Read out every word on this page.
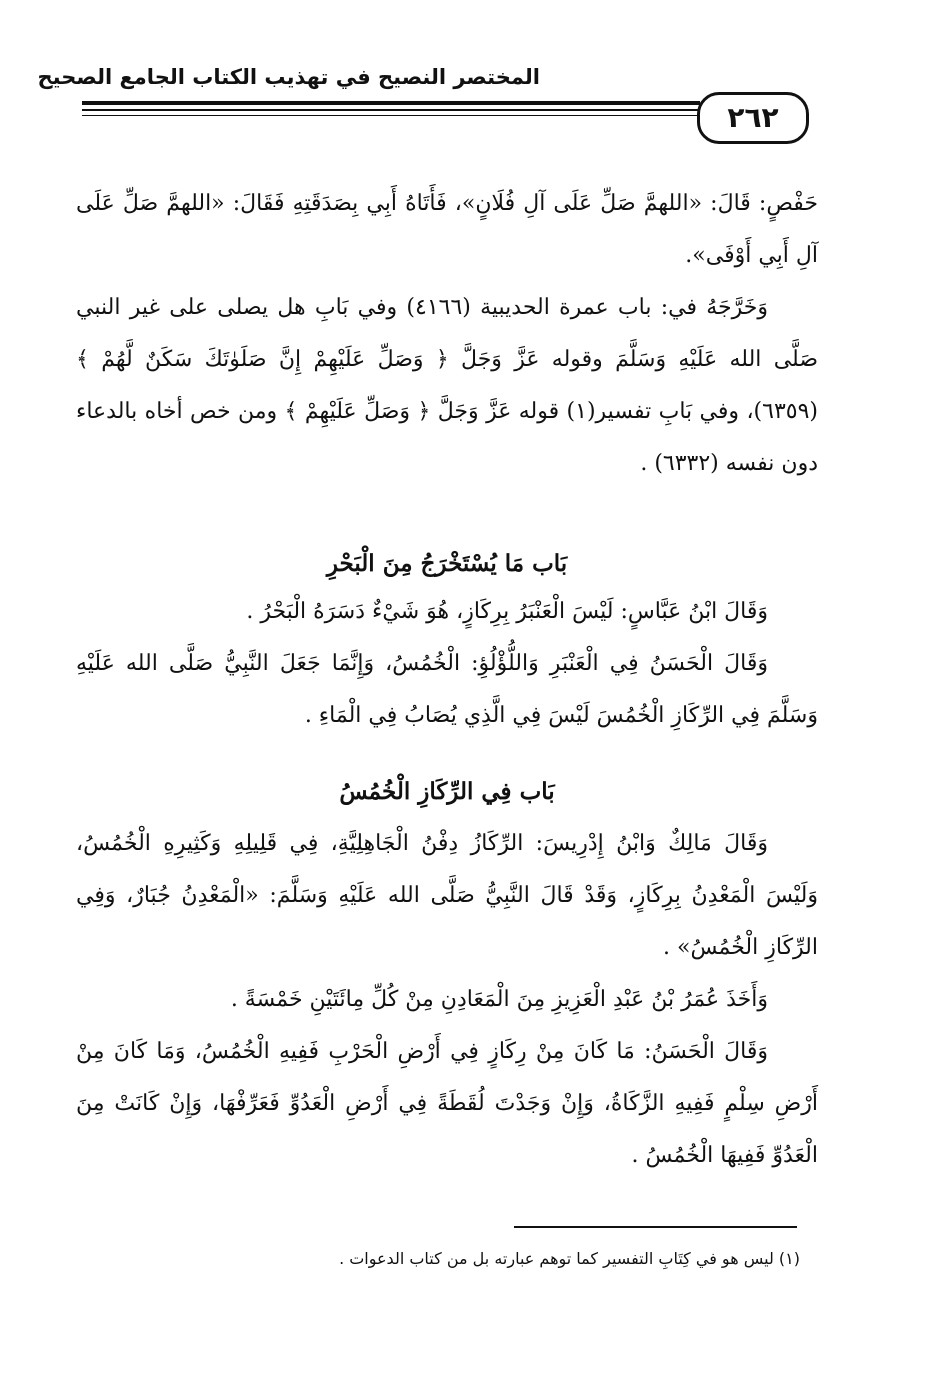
المختصر النصيح في تهذيب الكتاب الجامع الصحيح
٢٦٢

حَفْصٍ: قَالَ: «اللهمَّ صَلِّ عَلَى آلِ فُلَانٍ»، فَأَتَاهُ أَبِي بِصَدَقَتِهِ فَقَالَ: «اللهمَّ صَلِّ عَلَى آلِ أَبِي أَوْفَى».

وَخَرَّجَهُ في: باب عمرة الحديبية (٤١٦٦) وفي بَابِ هل يصلى على غير النبي صَلَّى الله عَلَيْهِ وَسَلَّمَ وقوله عَزَّ وَجَلَّ ﴿ وَصَلِّ عَلَيْهِمْ إِنَّ صَلَوٰتَكَ سَكَنٌ لَّهُمْ ﴾ (٦٣٥٩)، وفي بَابِ تفسير(١) قوله عَزَّ وَجَلَّ ﴿ وَصَلِّ عَلَيْهِمْ ﴾ ومن خص أخاه بالدعاء دون نفسه (٦٣٣٢) .

بَاب مَا يُسْتَخْرَجُ مِنَ الْبَحْرِ

وَقَالَ ابْنُ عَبَّاسٍ: لَيْسَ الْعَنْبَرُ بِرِكَازٍ، هُوَ شَيْءٌ دَسَرَهُ الْبَحْرُ .

وَقَالَ الْحَسَنُ فِي الْعَنْبَرِ وَاللُّؤْلُؤِ: الْخُمُسُ، وَإِنَّمَا جَعَلَ النَّبِيُّ صَلَّى الله عَلَيْهِ وَسَلَّمَ فِي الرِّكَازِ الْخُمُسَ لَيْسَ فِي الَّذِي يُصَابُ فِي الْمَاءِ .

بَاب فِي الرِّكَازِ الْخُمُسُ

وَقَالَ مَالِكٌ وَابْنُ إِدْرِيسَ: الرِّكَازُ دِفْنُ الْجَاهِلِيَّةِ، فِي قَلِيلِهِ وَكَثِيرِهِ الْخُمُسُ، وَلَيْسَ الْمَعْدِنُ بِرِكَازٍ، وَقَدْ قَالَ النَّبِيُّ صَلَّى الله عَلَيْهِ وَسَلَّمَ: «الْمَعْدِنُ جُبَارٌ، وَفِي الرِّكَازِ الْخُمُسُ» .

وَأَخَذَ عُمَرُ بْنُ عَبْدِ الْعَزِيزِ مِنَ الْمَعَادِنِ مِنْ كُلِّ مِائَتَيْنِ خَمْسَةً .

وَقَالَ الْحَسَنُ: مَا كَانَ مِنْ رِكَازٍ فِي أَرْضِ الْحَرْبِ فَفِيهِ الْخُمُسُ، وَمَا كَانَ مِنْ أَرْضِ سِلْمٍ فَفِيهِ الزَّكَاةُ، وَإِنْ وَجَدْتَ لُقَطَةً فِي أَرْضِ الْعَدُوِّ فَعَرِّفْهَا، وَإِنْ كَانَتْ مِنَ الْعَدُوِّ فَفِيهَا الْخُمُسُ .

(١) ليس هو في كِتَابِ التفسير كما توهم عبارته بل من كتاب الدعوات .
